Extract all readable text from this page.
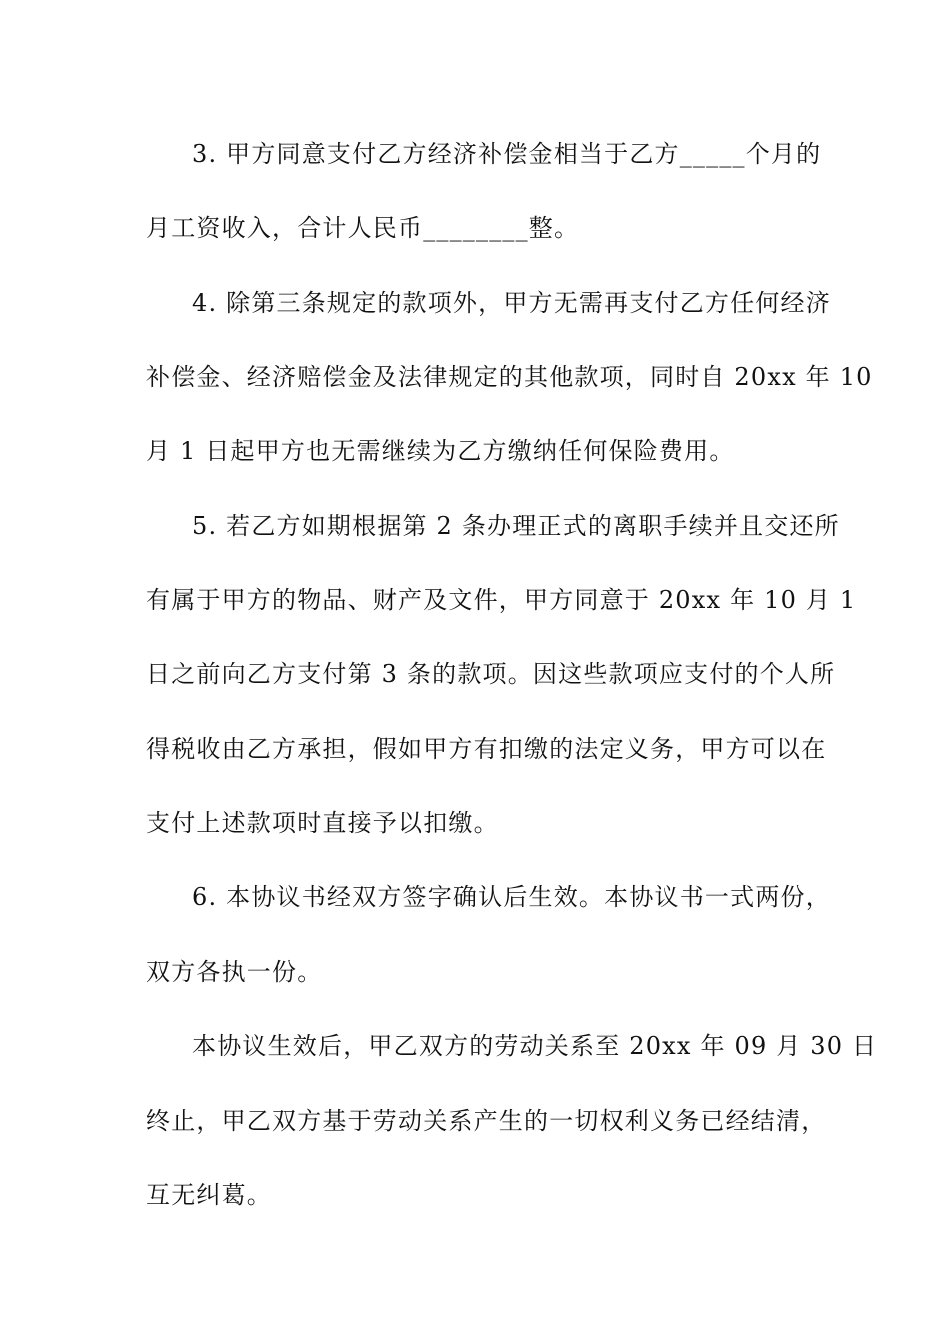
3. 甲方同意支付乙方经济补偿金相当于乙方_____个月的
月工资收入，合计人民币________整。
4. 除第三条规定的款项外，甲方无需再支付乙方任何经济
补偿金、经济赔偿金及法律规定的其他款项，同时自 20xx 年 10
月 1 日起甲方也无需继续为乙方缴纳任何保险费用。
5. 若乙方如期根据第 2 条办理正式的离职手续并且交还所
有属于甲方的物品、财产及文件，甲方同意于 20xx 年 10 月 1
日之前向乙方支付第 3 条的款项。因这些款项应支付的个人所
得税收由乙方承担，假如甲方有扣缴的法定义务，甲方可以在
支付上述款项时直接予以扣缴。
6. 本协议书经双方签字确认后生效。本协议书一式两份，
双方各执一份。
本协议生效后，甲乙双方的劳动关系至 20xx 年 09 月 30 日
终止，甲乙双方基于劳动关系产生的一切权利义务已经结清，
互无纠葛。
